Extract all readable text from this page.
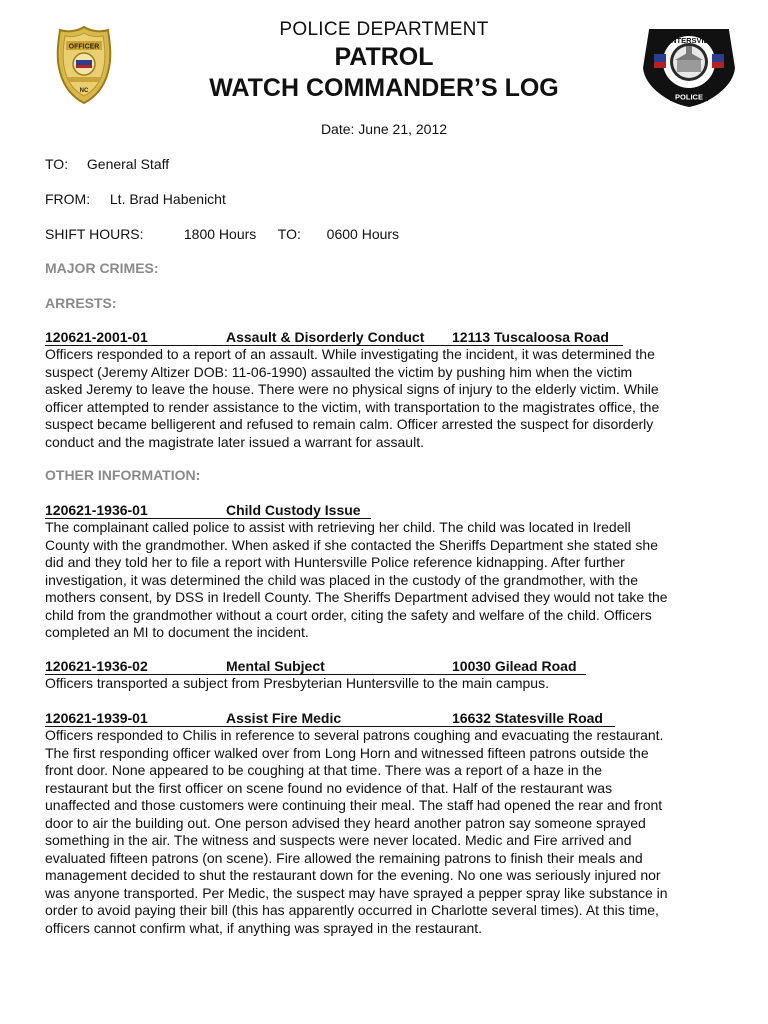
OFFICER
NC
HUNTERSVILLE
POLICE
POLICE DEPARTMENT
PATROL
WATCH COMMANDER’S LOG
Date: June 21, 2012
TO: General Staff
FROM: Lt. Brad Habenicht
SHIFT HOURS:	1800 Hours TO: 0600 Hours
MAJOR CRIMES:
ARRESTS:
120621-2001-01	Assault & Disorderly Conduct 12113 Tuscaloosa Road
Officers responded to a report of an assault. While investigating the incident, it was determined the
suspect (Jeremy Altizer DOB: 11-06-1990) assaulted the victim by pushing him when the victim
asked Jeremy to leave the house. There were no physical signs of injury to the elderly victim. While
officer attempted to render assistance to the victim, with transportation to the magistrates office, the
suspect became belligerent and refused to remain calm. Officer arrested the suspect for disorderly
conduct and the magistrate later issued a warrant for assault.
OTHER INFORMATION:
120621-1936-01	Child Custody Issue
The complainant called police to assist with retrieving her child. The child was located in Iredell
County with the grandmother. When asked if she contacted the Sheriffs Department she stated she
did and they told her to file a report with Huntersville Police reference kidnapping. After further
investigation, it was determined the child was placed in the custody of the grandmother, with the
mothers consent, by DSS in Iredell County. The Sheriffs Department advised they would not take the
child from the grandmother without a court order, citing the safety and welfare of the child. Officers
completed an MI to document the incident.
120621-1936-02	Mental Subject	10030 Gilead Road
Officers transported a subject from Presbyterian Huntersville to the main campus.
120621-1939-01	Assist Fire Medic	16632 Statesville Road
Officers responded to Chilis in reference to several patrons coughing and evacuating the restaurant.
The first responding officer walked over from Long Horn and witnessed fifteen patrons outside the
front door. None appeared to be coughing at that time. There was a report of a haze in the
restaurant but the first officer on scene found no evidence of that. Half of the restaurant was
unaffected and those customers were continuing their meal. The staff had opened the rear and front
door to air the building out. One person advised they heard another patron say someone sprayed
something in the air. The witness and suspects were never located. Medic and Fire arrived and
evaluated fifteen patrons (on scene). Fire allowed the remaining patrons to finish their meals and
management decided to shut the restaurant down for the evening. No one was seriously injured nor
was anyone transported. Per Medic, the suspect may have sprayed a pepper spray like substance in
order to avoid paying their bill (this has apparently occurred in Charlotte several times). At this time,
officers cannot confirm what, if anything was sprayed in the restaurant.
